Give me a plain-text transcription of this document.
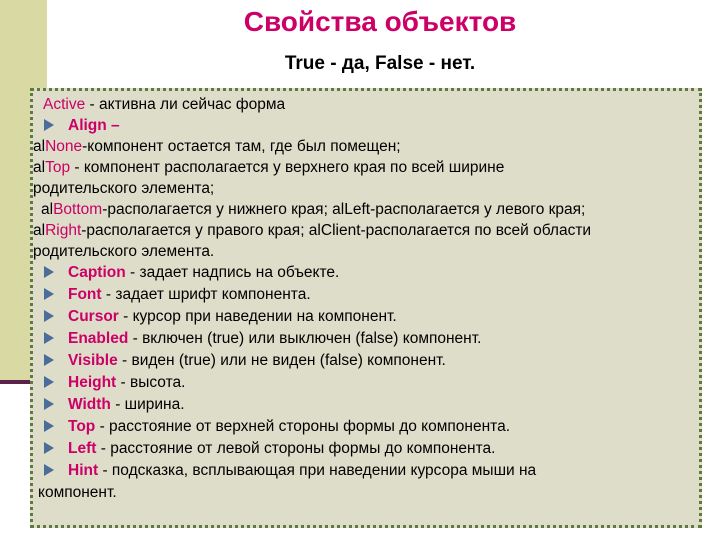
Свойства объектов
True - да, False - нет.
Active - активна ли сейчас форма
Align –
alNone-компонент остается там, где был помещен;
alTop - компонент располагается у верхнего края по всей ширине
родительского элемента;
alBottom-располагается у нижнего края; alLeft-располагается у левого края;
alRight-располагается у правого края; alClient-располагается по всей области
родительского элемента.
Caption - задает надпись на объекте.
Font - задает шрифт компонента.
Cursor - курсор при наведении на компонент.
Enabled - включен (true) или выключен (false) компонент.
Visible - виден (true) или не виден (false) компонент.
Height - высота.
Width - ширина.
Top - расстояние от верхней стороны формы до компонента.
Left - расстояние от левой стороны формы до компонента.
Hint - подсказка, всплывающая при наведении курсора мыши на
компонент.
